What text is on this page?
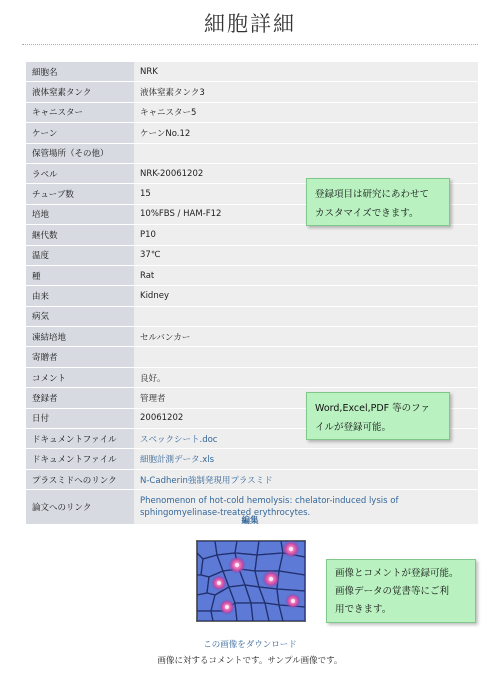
細胞詳細
細胞名	NRK
液体窒素タンク	液体窒素タンク3
キャニスター	キャニスター5
ケーン	ケーンNo.12
保管場所（その他）	
ラベル	NRK-20061202
チューブ数	15
培地	10%FBS / HAM-F12
継代数	P10
温度	37℃
種	Rat
由来	Kidney
病気	
凍結培地	セルバンカー
寄贈者	
コメント	良好。
登録者	管理者
日付	20061202
ドキュメントファイル	スペックシート.doc
ドキュメントファイル	細胞計測データ.xls
プラスミドへのリンク	N-Cadherin強制発現用プラスミド
論文へのリンク	Phenomenon of hot-cold hemolysis: chelator-induced lysis of sphingomyelinase-treated erythrocytes.
登録項目は研究にあわせて
カスタマイズできます。
Word,Excel,PDF 等のファ
イルが登録可能。
編集
画像とコメントが登録可能。
画像データの覚書等にご利
用できます。
この画像をダウンロード
画像に対するコメントです。サンプル画像です。
